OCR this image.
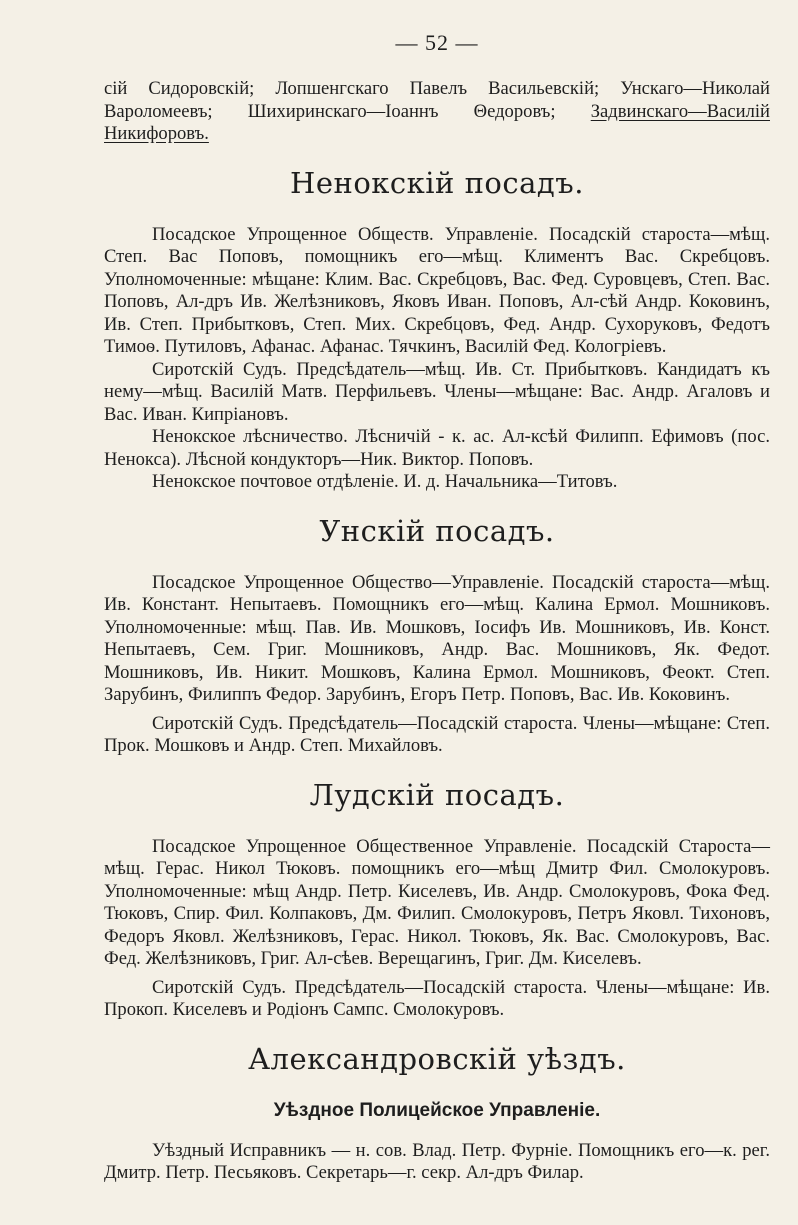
— 52 —

сій Сидоровскій; Лопшенгскаго Павелъ Васильевскій; Унскаго—Николай Вароломеевъ; Шихиринскаго—Іоаннъ Θедоровъ; Задвинскаго—Василій Никифоровъ.

Ненокскій посадъ.

Посадское Упрощенное Обществ. Управленіе. Посадскій староста—мѣщ. Степ. Вас Поповъ, помощникъ его—мѣщ. Климентъ Вас. Скребцовъ. Уполномоченные: мѣщане: Клим. Вас. Скребцовъ, Вас. Фед. Суровцевъ, Степ. Вас. Поповъ, Ал-дръ Ив. Желѣзниковъ, Яковъ Иван. Поповъ, Ал-сѣй Андр. Коковинъ, Ив. Степ. Прибытковъ, Степ. Мих. Скребцовъ, Фед. Андр. Сухоруковъ, Федотъ Тимоѳ. Путиловъ, Афанас. Афанас. Тячкинъ, Василій Фед. Кологріевъ.

Сиротскій Судъ. Предсѣдатель—мѣщ. Ив. Ст. Прибытковъ. Кандидатъ къ нему—мѣщ. Василій Матв. Перфильевъ. Члены—мѣщане: Вас. Андр. Агаловъ и Вас. Иван. Кипріановъ.

Ненокское лѣсничество. Лѣсничій - к. ас. Ал-ксѣй Филипп. Ефимовъ (пос. Ненокса). Лѣсной кондукторъ—Ник. Виктор. Поповъ.

Ненокское почтовое отдѣленіе. И. д. Начальника—Титовъ.

Унскій посадъ.

Посадское Упрощенное Общество—Управленіе. Посадскій староста—мѣщ. Ив. Констант. Непытаевъ. Помощникъ его—мѣщ. Калина Ермол. Мошниковъ. Уполномоченные: мѣщ. Пав. Ив. Мошковъ, Іосифъ Ив. Мошниковъ, Ив. Конст. Непытаевъ, Сем. Григ. Мошниковъ, Андр. Вас. Мошниковъ, Як. Федот. Мошниковъ, Ив. Никит. Мошковъ, Калина Ермол. Мошниковъ, Феокт. Степ. Зарубинъ, Филиппъ Федор. Зарубинъ, Егоръ Петр. Поповъ, Вас. Ив. Коковинъ.

Сиротскій Судъ. Предсѣдатель—Посадскій староста. Члены—мѣщане: Степ. Прок. Мошковъ и Андр. Степ. Михайловъ.

Лудскій посадъ.

Посадское Упрощенное Общественное Управленіе. Посадскій Староста—мѣщ. Герас. Никол Тюковъ. помощникъ его—мѣщ Дмитр Фил. Смолокуровъ. Уполномоченные: мѣщ Андр. Петр. Киселевъ, Ив. Андр. Смолокуровъ, Фока Фед. Тюковъ, Спир. Фил. Колпаковъ, Дм. Филип. Смолокуровъ, Петръ Яковл. Тихоновъ, Федоръ Яковл. Желѣзниковъ, Герас. Никол. Тюковъ, Як. Вас. Смолокуровъ, Вас. Фед. Желѣзниковъ, Григ. Ал-сѣев. Верещагинъ, Григ. Дм. Киселевъ.

Сиротскій Судъ. Предсѣдатель—Посадскій староста. Члены—мѣщане: Ив. Прокоп. Киселевъ и Родіонъ Сампс. Смолокуровъ.

Александровскій уѣздъ.
Уѣздное Полицейское Управленіе.

Уѣздный Исправникъ — н. сов. Влад. Петр. Фурніе. Помощникъ его—к. рег. Дмитр. Петр. Песьяковъ. Секретарь—г. секр. Ал-дръ Филар.
